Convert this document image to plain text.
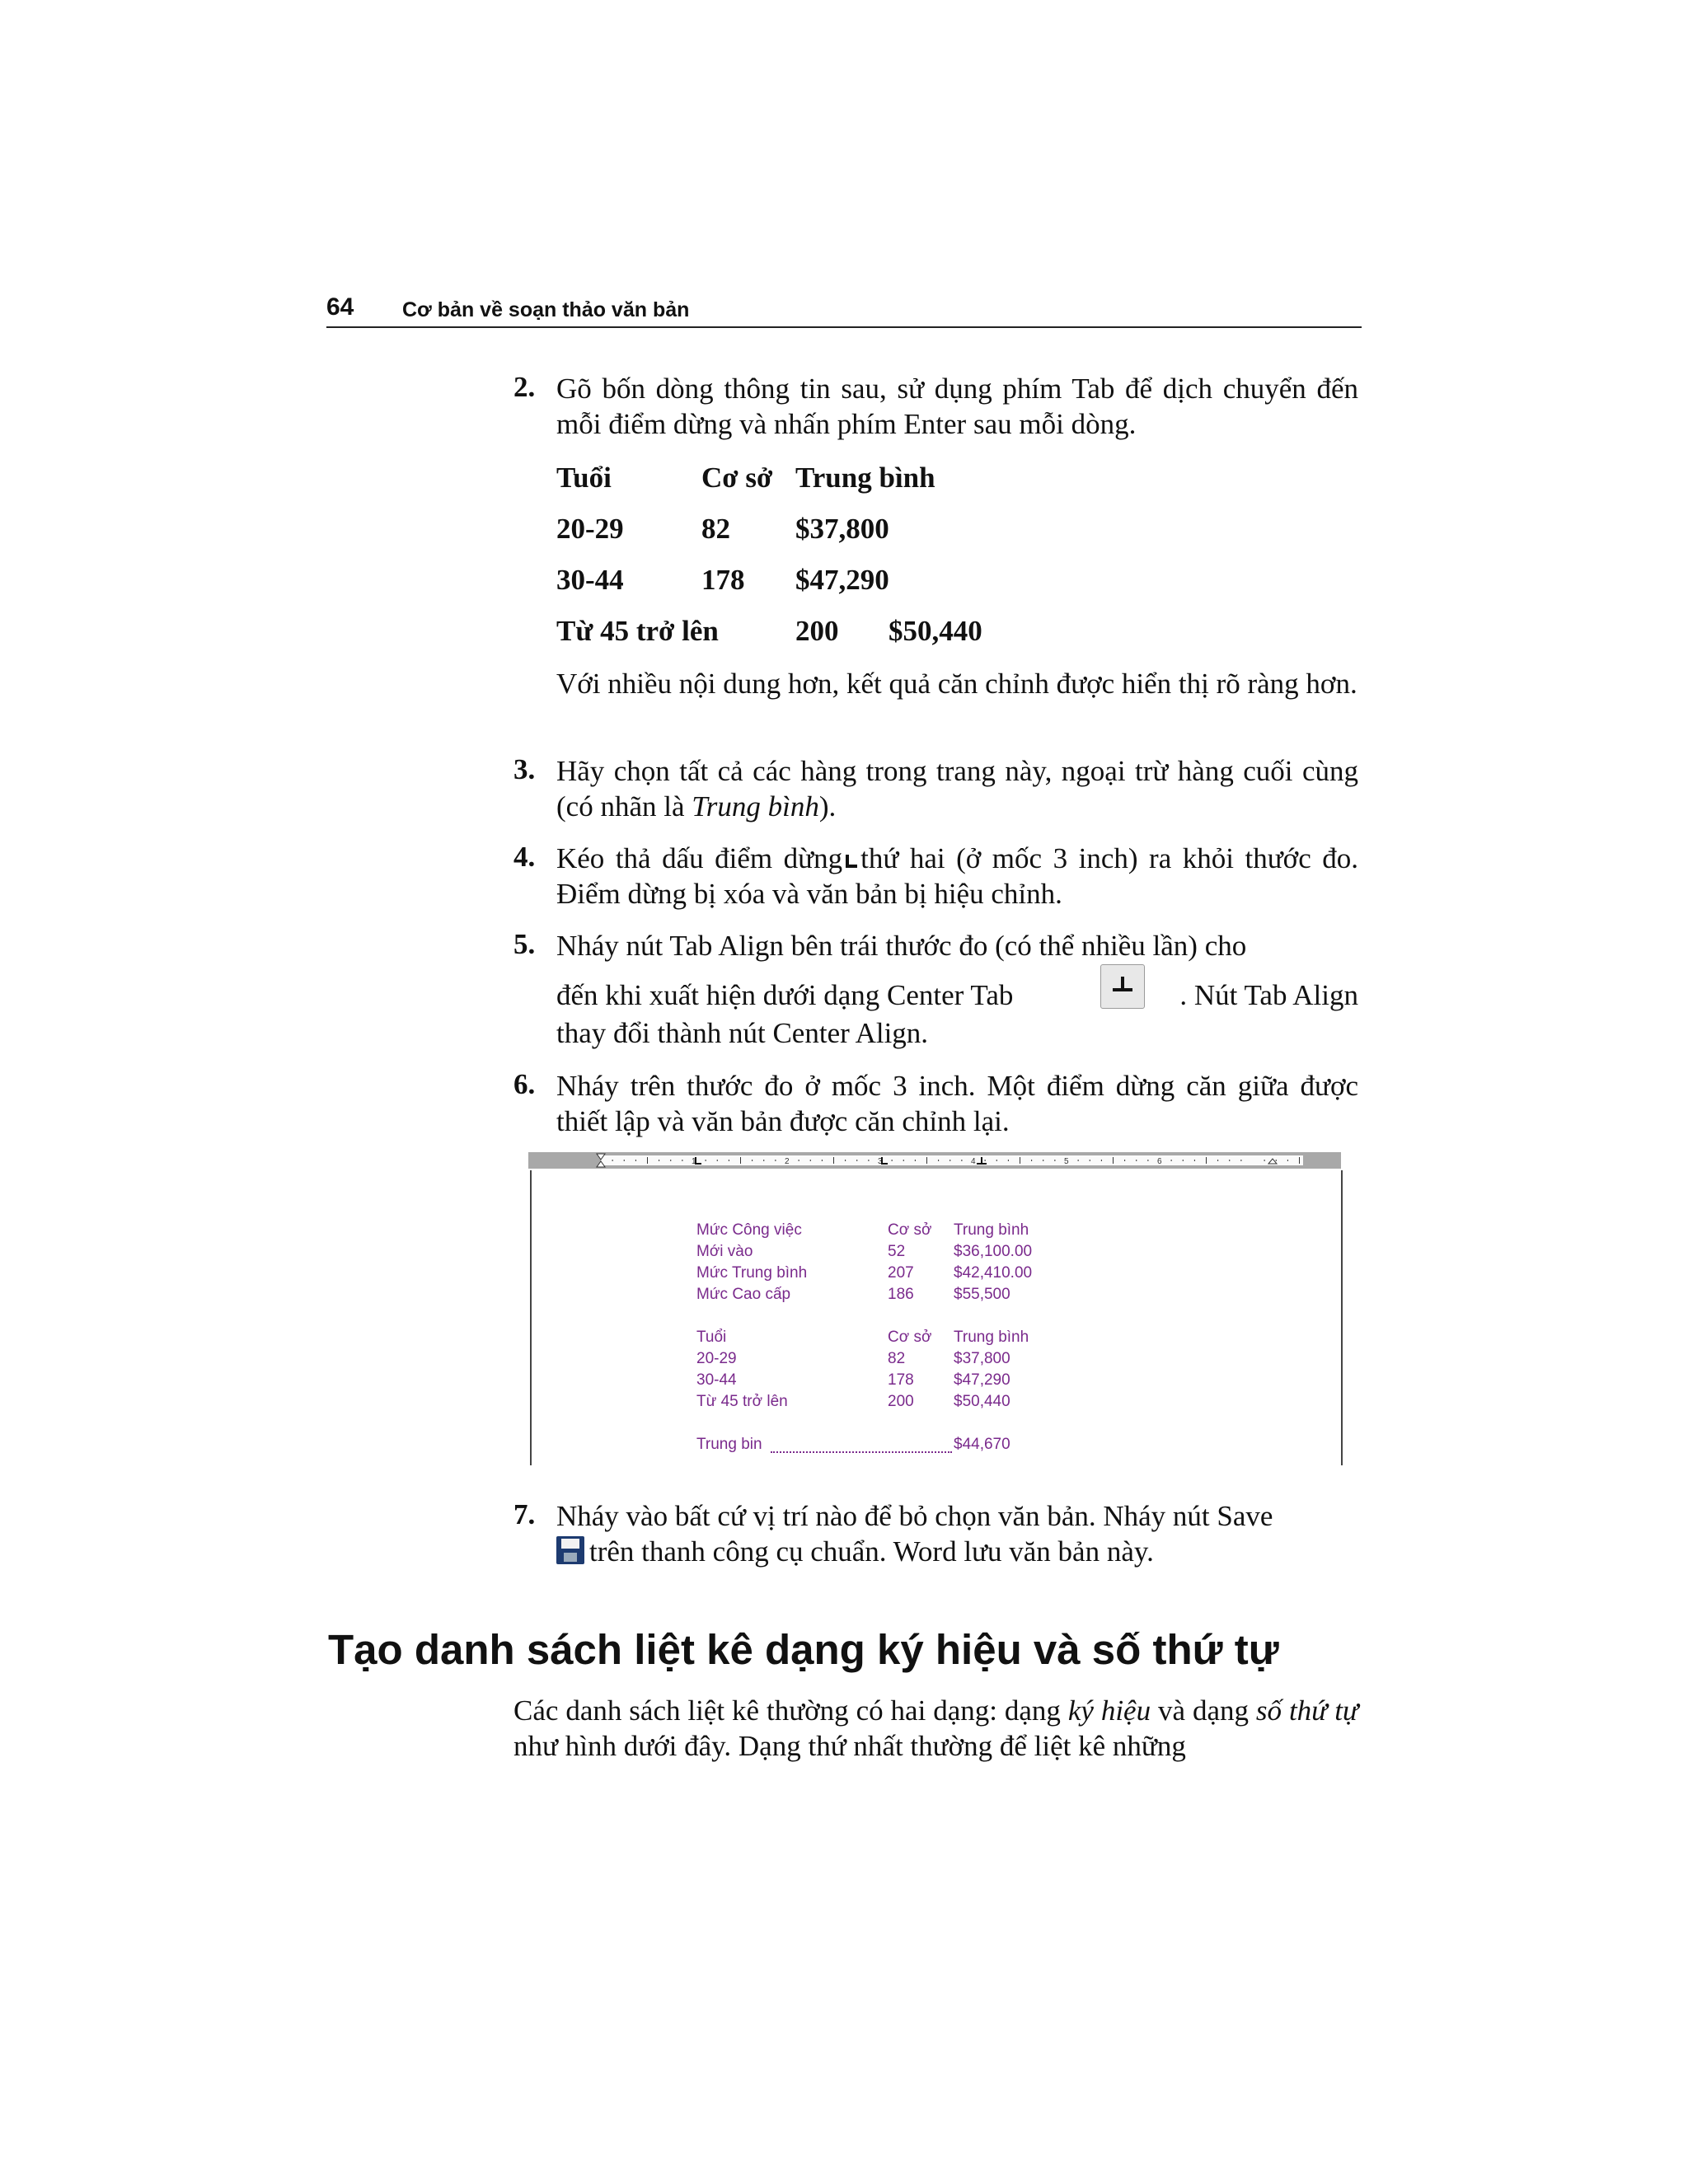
64 Cơ bản về soạn thảo văn bản
2. Gõ bốn dòng thông tin sau, sử dụng phím Tab để dịch chuyển đến mỗi điểm dừng và nhấn phím Enter sau mỗi dòng.
Tuổi	Cơ sở Trung bình
20-29	82 $37,800
30-44	178 $47,290
Từ 45 trở lên	200 $50,440
Với nhiều nội dung hơn, kết quả căn chỉnh được hiển thị rõ ràng hơn.
3. Hãy chọn tất cả các hàng trong trang này, ngoại trừ hàng cuối cùng (có nhãn là Trung bình).
4. Kéo thả dấu điểm dừng thứ hai (ở mốc 3 inch) ra khỏi thước đo. Điểm dừng bị xóa và văn bản bị hiệu chỉnh.
5. Nháy nút Tab Align bên trái thước đo (có thể nhiều lần) cho
đến khi xuất hiện dưới dạng Center Tab	. Nút Tab Align
thay đổi thành nút Center Align.
6. Nháy trên thước đo ở mốc 3 inch. Một điểm dừng căn giữa được thiết lập và văn bản được căn chỉnh lại.
1	2	3	4	5	6
Mức Công việc	Cơ sở Trung bình
Mới vào	52	$36,100.00
Mức Trung bình	207	$42,410.00
Mức Cao cấp	186	$55,500
Tuổi	Cơ sở Trung bình
20-29	82	$37,800
30-44	178	$47,290
Từ 45 trở lên	200	$50,440
Trung bin	$44,670
7. Nháy vào bất cứ vị trí nào để bỏ chọn văn bản. Nháy nút Save
trên thanh công cụ chuẩn. Word lưu văn bản này.
Tạo danh sách liệt kê dạng ký hiệu và số thứ tự
Các danh sách liệt kê thường có hai dạng: dạng ký hiệu và dạng số thứ tự như hình dưới đây. Dạng thứ nhất thường để liệt kê những
